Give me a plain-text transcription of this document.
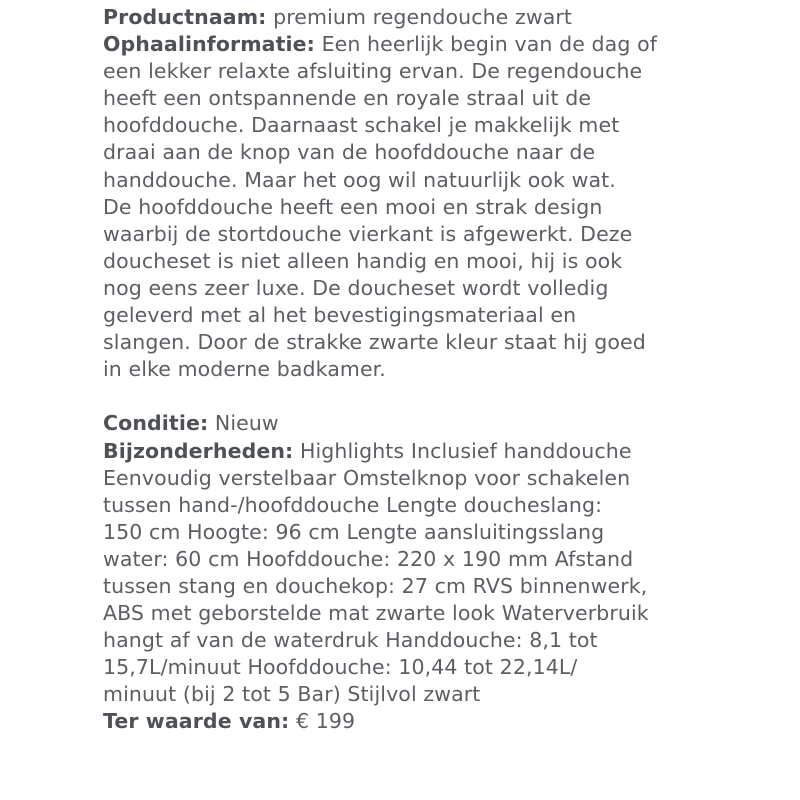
Productnaam: premium regendouche zwart
Ophaalinformatie: Een heerlijk begin van de dag of
een lekker relaxte afsluiting ervan. De regendouche
heeft een ontspannende en royale straal uit de
hoofddouche. Daarnaast schakel je makkelijk met
draai aan de knop van de hoofddouche naar de
handdouche. Maar het oog wil natuurlijk ook wat.
De hoofddouche heeft een mooi en strak design
waarbij de stortdouche vierkant is afgewerkt. Deze
doucheset is niet alleen handig en mooi, hij is ook
nog eens zeer luxe. De doucheset wordt volledig
geleverd met al het bevestigingsmateriaal en
slangen. Door de strakke zwarte kleur staat hij goed
in elke moderne badkamer.
Conditie: Nieuw
Bijzonderheden: Highlights Inclusief handdouche
Eenvoudig verstelbaar Omstelknop voor schakelen
tussen hand-/hoofddouche Lengte doucheslang:
150 cm Hoogte: 96 cm Lengte aansluitingsslang
water: 60 cm Hoofddouche: 220 x 190 mm Afstand
tussen stang en douchekop: 27 cm RVS binnenwerk,
ABS met geborstelde mat zwarte look Waterverbruik
hangt af van de waterdruk Handdouche: 8,1 tot
15,7L/minuut Hoofddouche: 10,44 tot 22,14L/
minuut (bij 2 tot 5 Bar) Stijlvol zwart
Ter waarde van: € 199
